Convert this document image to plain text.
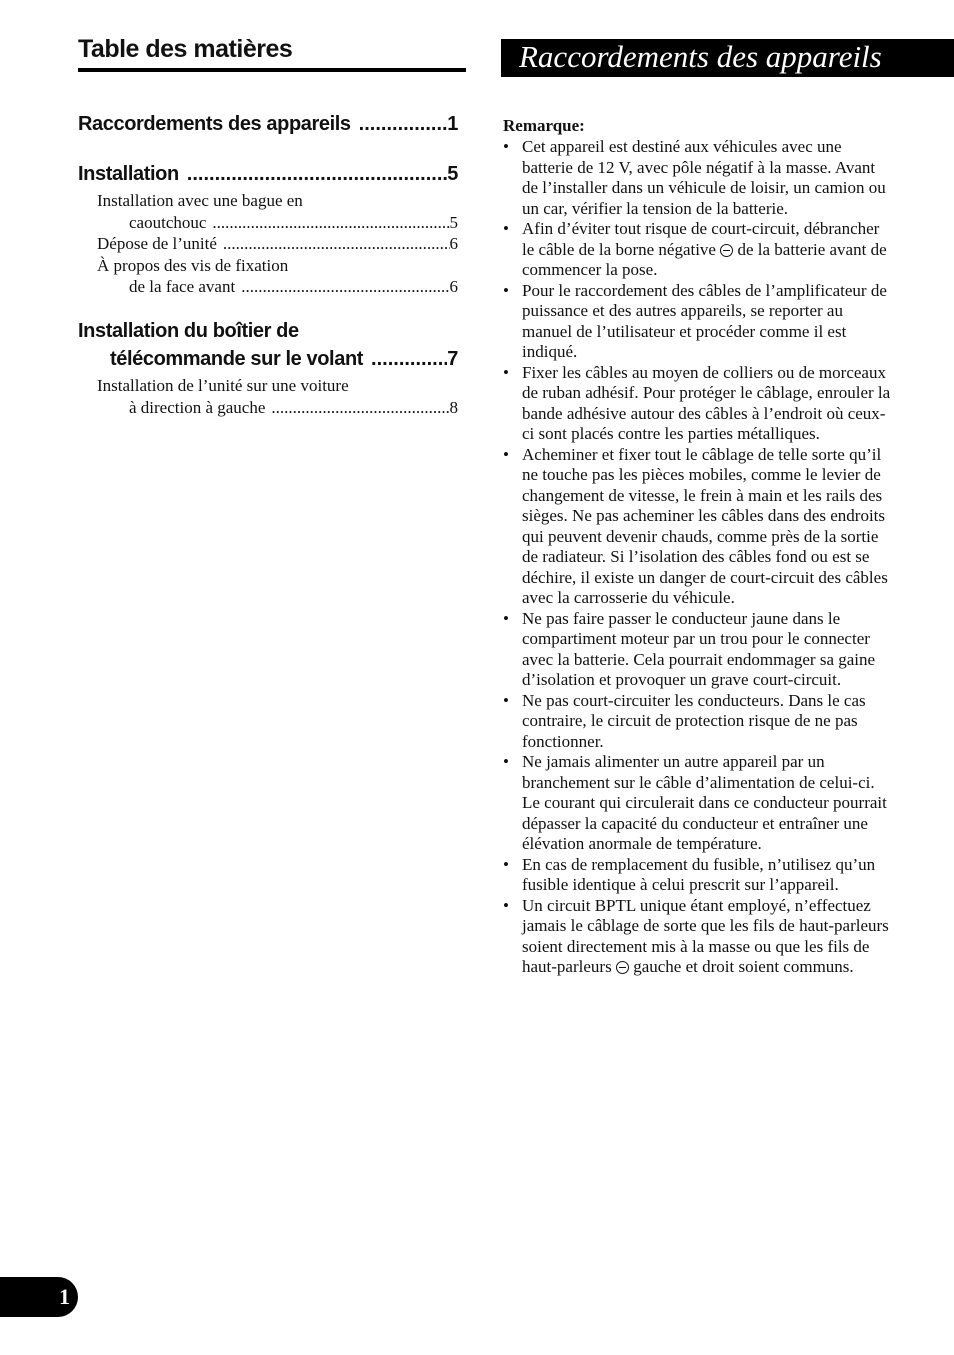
Table des matières	Raccordements des appareils
Raccordements des appareils .....	1
Installation .....	5
Installation avec une bague en
caoutchouc .....	5
Dépose de l’unité .....	6
À propos des vis de fixation
de la face avant .....	6
Installation du boîtier de
télécommande sur le volant .....	7
Installation de l’unité sur une voiture
à direction à gauche .....	8
Remarque:
• Cet appareil est destiné aux véhicules avec une batterie de 12 V, avec pôle négatif à la masse. Avant de l’installer dans un véhicule de loisir, un camion ou un car, vérifier la tension de la batterie.
• Afin d’éviter tout risque de court-circuit, débrancher le câble de la borne négative de la batterie avant de commencer la pose.
• Pour le raccordement des câbles de l’amplificateur de puissance et des autres appareils, se reporter au manuel de l’utilisateur et procéder comme il est indiqué.
• Fixer les câbles au moyen de colliers ou de morceaux de ruban adhésif. Pour protéger le câblage, enrouler la bande adhésive autour des câbles à l’endroit où ceux-ci sont placés contre les parties métalliques.
• Acheminer et fixer tout le câblage de telle sorte qu’il ne touche pas les pièces mobiles, comme le levier de changement de vitesse, le frein à main et les rails des sièges. Ne pas acheminer les câbles dans des endroits qui peuvent devenir chauds, comme près de la sortie de radiateur. Si l’isolation des câbles fond ou est se déchire, il existe un danger de court-circuit des câbles avec la carrosserie du véhicule.
• Ne pas faire passer le conducteur jaune dans le compartiment moteur par un trou pour le connecter avec la batterie. Cela pourrait endommager sa gaine d’isolation et provoquer un grave court-circuit.
• Ne pas court-circuiter les conducteurs. Dans le cas contraire, le circuit de protection risque de ne pas fonctionner.
• Ne jamais alimenter un autre appareil par un branchement sur le câble d’alimentation de celui-ci. Le courant qui circulerait dans ce conducteur pourrait dépasser la capacité du conducteur et entraîner une élévation anormale de température.
• En cas de remplacement du fusible, n’utilisez qu’un fusible identique à celui prescrit sur l’appareil.
• Un circuit BPTL unique étant employé, n’effectuez jamais le câblage de sorte que les fils de haut-parleurs soient directement mis à la masse ou que les fils de haut-parleurs gauche et droit soient communs.
1
